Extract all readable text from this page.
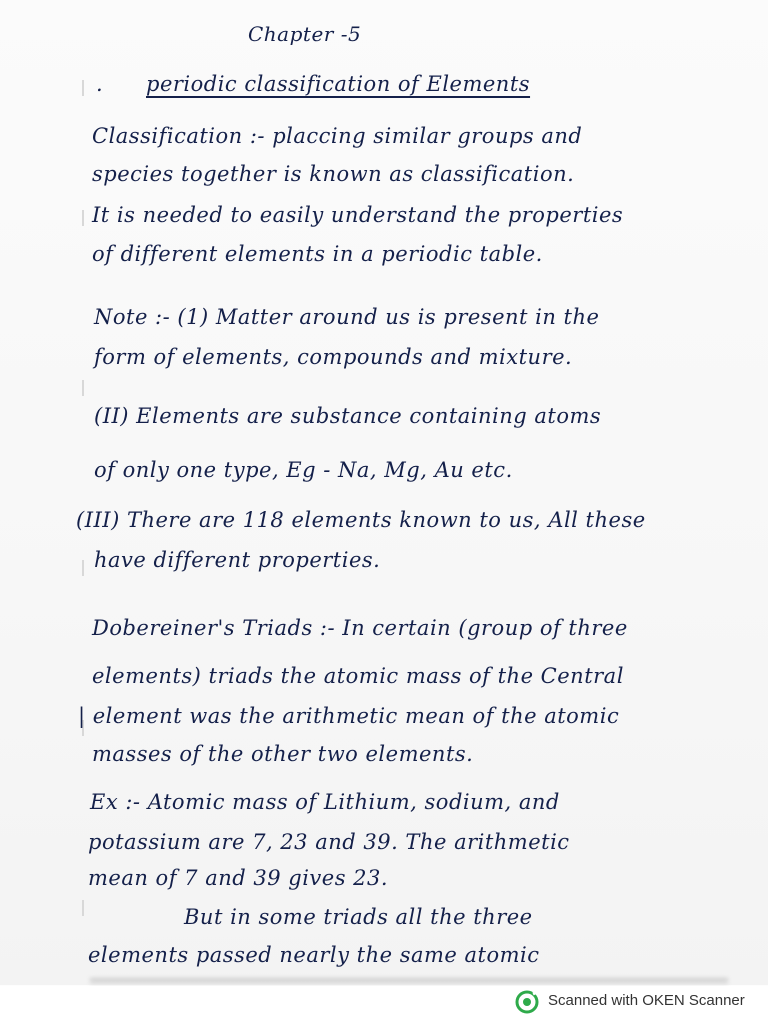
Chapter -5
. periodic classification of Elements
Classification :- placcing similar groups and
species together is known as classification.
It is needed to easily understand the properties
of different elements in a periodic table.
Note :- (1) Matter around us is present in the
form of elements, compounds and mixture.
(II) Elements are substance containing atoms
of only one type, Eg - Na, Mg, Au etc.
(III) There are 118 elements known to us, All these
have different properties.
Dobereiner's Triads :- In certain (group of three
elements) triads the atomic mass of the Central
| element was the arithmetic mean of the atomic
masses of the other two elements.
Ex :- Atomic mass of Lithium, sodium, and
potassium are 7, 23 and 39. The arithmetic
mean of 7 and 39 gives 23.
But in some triads all the three
elements passed nearly the same atomic
Scanned with OKEN Scanner
